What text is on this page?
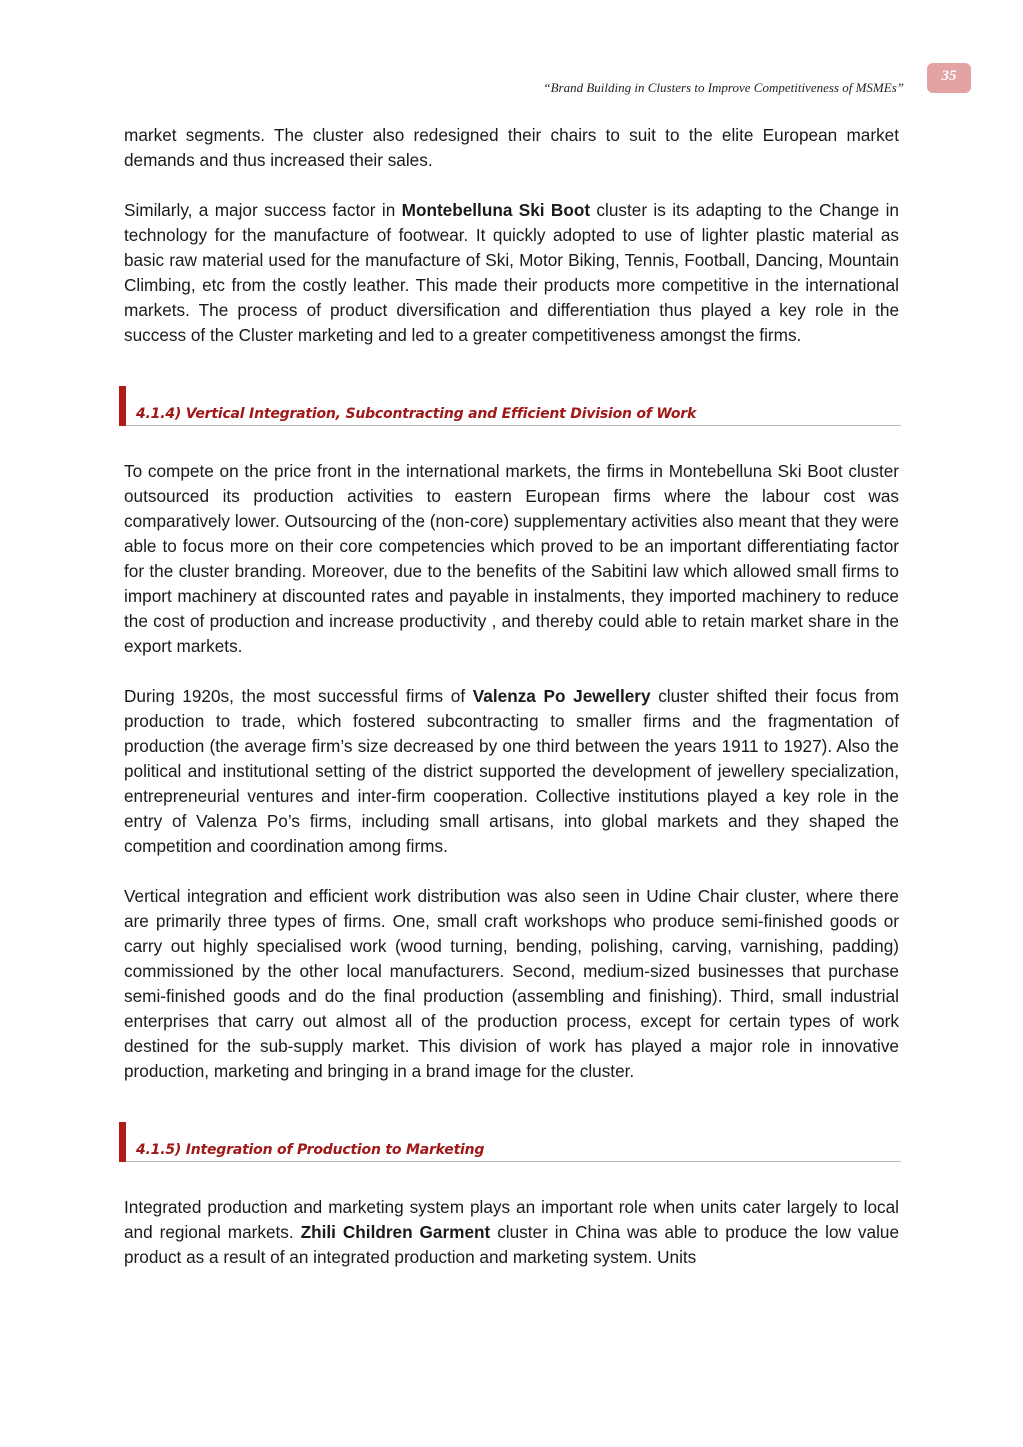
“Brand Building in Clusters to Improve Competitiveness of MSMEs”
35

market segments. The cluster also redesigned their chairs to suit to the elite European market demands and thus increased their sales.

Similarly, a major success factor in Montebelluna Ski Boot cluster is its adapting to the Change in technology for the manufacture of footwear. It quickly adopted to use of lighter plastic material as basic raw material used for the manufacture of Ski, Motor Biking, Tennis, Football, Dancing, Mountain Climbing, etc from the costly leather. This made their products more competitive in the international markets. The process of product diversification and differentiation thus played a key role in the success of the Cluster marketing and led to a greater competitiveness amongst the firms.

4.1.4) Vertical Integration, Subcontracting and Efficient Division of Work

To compete on the price front in the international markets, the firms in Montebelluna Ski Boot cluster outsourced its production activities to eastern European firms where the labour cost was comparatively lower. Outsourcing of the (non-core) supplementary activities also meant that they were able to focus more on their core competencies which proved to be an important differentiating factor for the cluster branding. Moreover, due to the benefits of the Sabitini law which allowed small firms to import machinery at discounted rates and payable in instalments, they imported machinery to reduce the cost of production and increase productivity , and thereby could able to retain market share in the export markets.

During 1920s, the most successful firms of Valenza Po Jewellery cluster shifted their focus from production to trade, which fostered subcontracting to smaller firms and the fragmentation of production (the average firm’s size decreased by one third between the years 1911 to 1927). Also the political and institutional setting of the district supported the development of jewellery specialization, entrepreneurial ventures and inter-firm cooperation. Collective institutions played a key role in the entry of Valenza Po’s firms, including small artisans, into global markets and they shaped the competition and coordination among firms.

Vertical integration and efficient work distribution was also seen in Udine Chair cluster, where there are primarily three types of firms. One, small craft workshops who produce semi-finished goods or carry out highly specialised work (wood turning, bending, polishing, carving, varnishing, padding) commissioned by the other local manufacturers. Second, medium-sized businesses that purchase semi-finished goods and do the final production (assembling and finishing). Third, small industrial enterprises that carry out almost all of the production process, except for certain types of work destined for the sub-supply market. This division of work has played a major role in innovative production, marketing and bringing in a brand image for the cluster.

4.1.5) Integration of Production to Marketing

Integrated production and marketing system plays an important role when units cater largely to local and regional markets. Zhili Children Garment cluster in China was able to produce the low value product as a result of an integrated production and marketing system. Units
